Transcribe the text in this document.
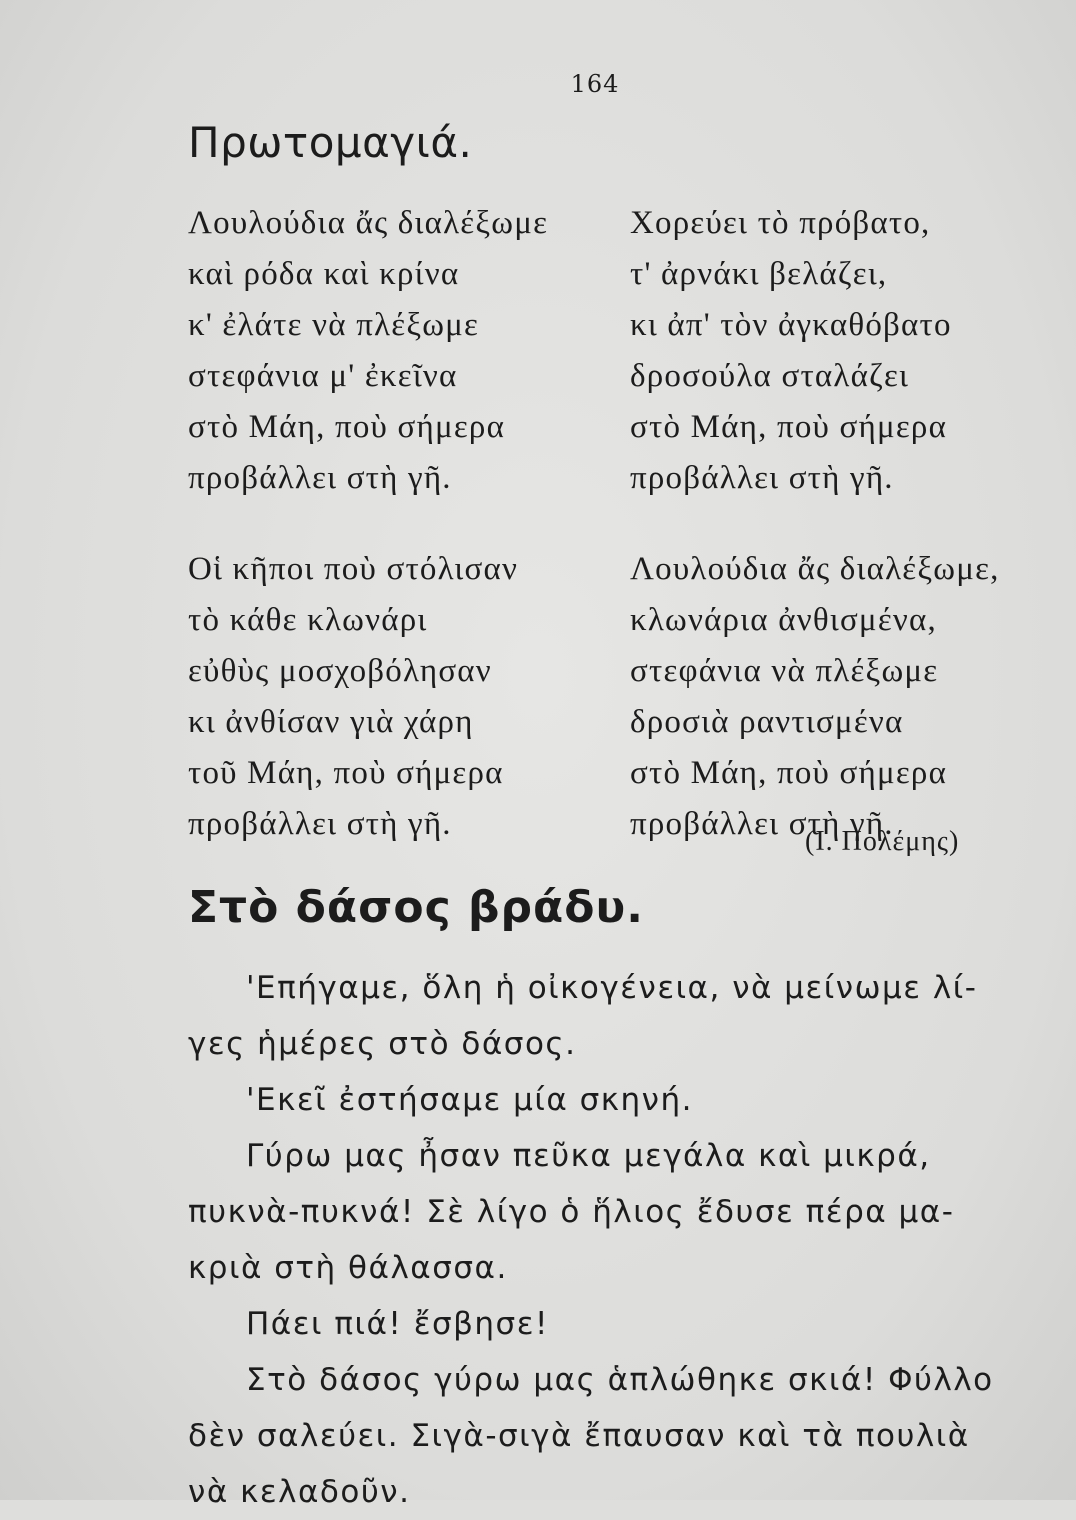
164
Πρωτομαγιά.
Λουλούδια ἄς διαλέξωμε
καὶ ρόδα καὶ κρίνα
κ' ἐλάτε νὰ πλέξωμε
στεφάνια μ' ἐκεῖνα
στὸ Μάη, ποὺ σήμερα
προβάλλει στὴ γῆ.
Οἱ κῆποι ποὺ στόλισαν
τὸ κάθε κλωνάρι
εὐθὺς μοσχοβόλησαν
κι ἀνθίσαν γιὰ χάρη
τοῦ Μάη, ποὺ σήμερα
προβάλλει στὴ γῆ.
Χορεύει τὸ πρόβατο,
τ' ἀρνάκι βελάζει,
κι ἀπ' τὸν ἀγκαθόβατο
δροσούλα σταλάζει
στὸ Μάη, ποὺ σήμερα
προβάλλει στὴ γῆ.
Λουλούδια ἄς διαλέξωμε,
κλωνάρια ἀνθισμένα,
στεφάνια νὰ πλέξωμε
δροσιὰ ραντισμένα
στὸ Μάη, ποὺ σήμερα
προβάλλει στὴ γῆ.
(Ι. Πολέμης)
Στὸ δάσος βράδυ.
'Επήγαμε, ὅλη ἡ οἰκογένεια, νὰ μείνωμε λί-
γες ἡμέρες στὸ δάσος.
'Εκεῖ ἐστήσαμε μία σκηνή.
Γύρω μας ἦσαν πεῦκα μεγάλα καὶ μικρά,
πυκνὰ-πυκνά! Σὲ λίγο ὁ ἥλιος ἔδυσε πέρα μα-
κριὰ στὴ θάλασσα.
Πάει πιά! ἔσβησε!
Στὸ δάσος γύρω μας ἁπλώθηκε σκιά! Φύλλο
δὲν σαλεύει. Σιγὰ-σιγὰ ἔπαυσαν καὶ τὰ πουλιὰ
νὰ κελαδοῦν.
